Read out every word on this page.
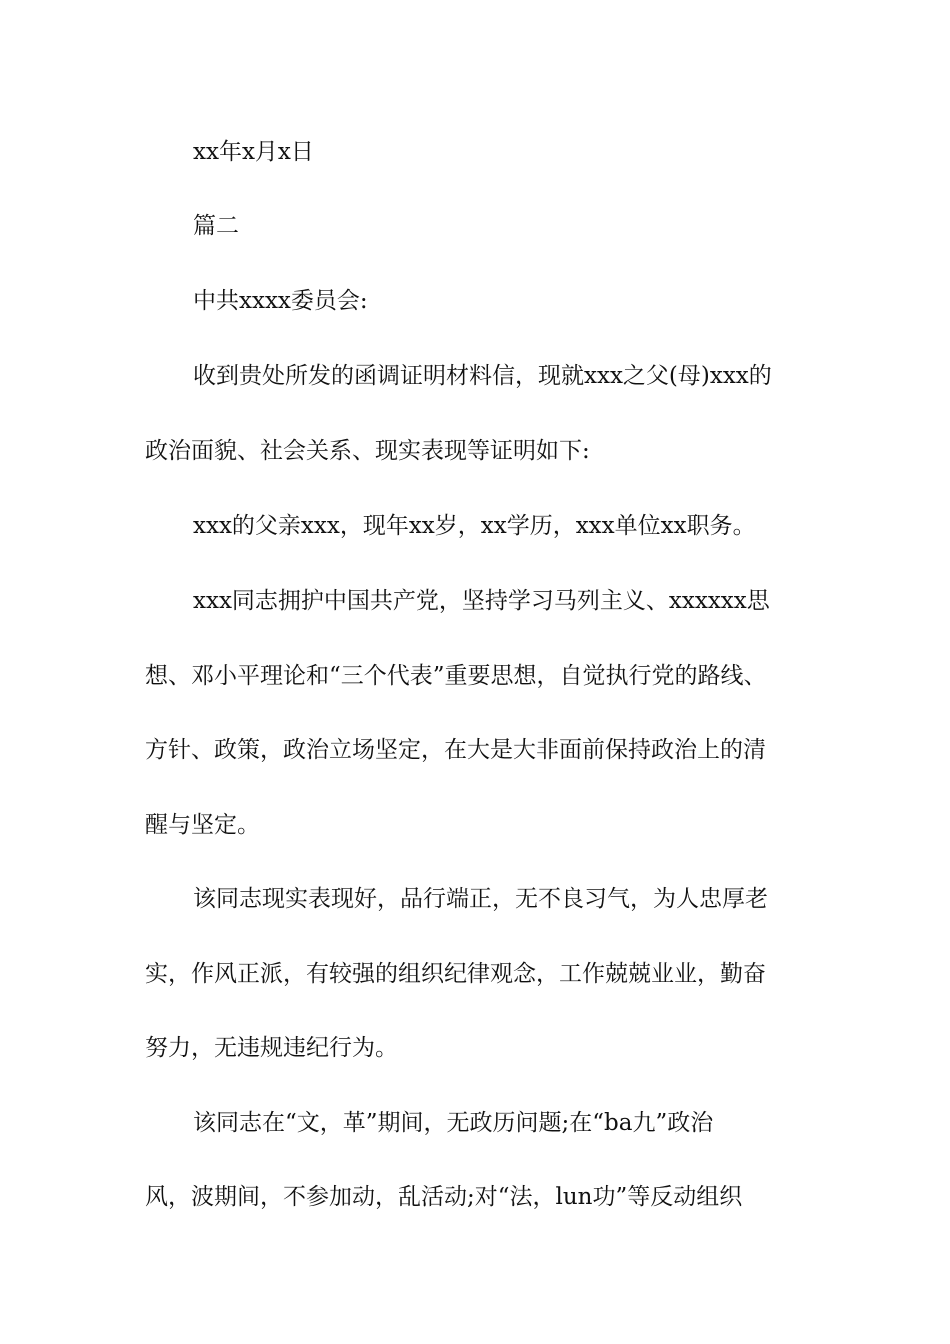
xx年x月x日
篇二
中共xxxx委员会:
收到贵处所发的函调证明材料信，现就xxx之父(母)xxx的
政治面貌、社会关系、现实表现等证明如下:
xxx的父亲xxx，现年xx岁，xx学历，xxx单位xx职务。
xxx同志拥护中国共产党，坚持学习马列主义、xxxxxx思
想、邓小平理论和“三个代表”重要思想，自觉执行党的路线、
方针、政策，政治立场坚定，在大是大非面前保持政治上的清
醒与坚定。
该同志现实表现好，品行端正，无不良习气，为人忠厚老
实，作风正派，有较强的组织纪律观念，工作兢兢业业，勤奋
努力，无违规违纪行为。
该同志在“文，革”期间，无政历问题;在“ba九”政治
风，波期间，不参加动，乱活动;对“法，lun功”等反动组织
